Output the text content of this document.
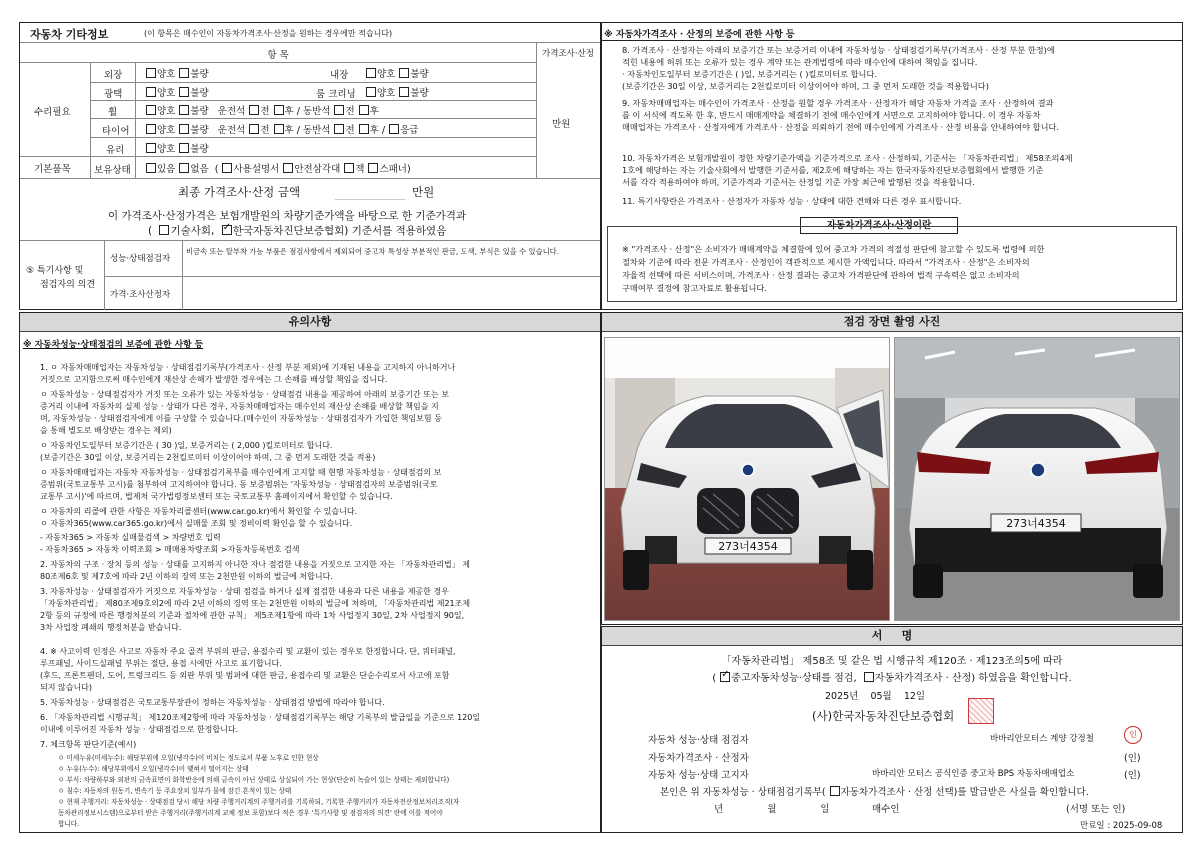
자동차 기타정보	(이 항목은 매수인이 자동차가격조사·산정을 원하는 경우에만 적습니다)
항 목	가격조사·산정
수리필요
기본품목
외장	양호 불량	내장	양호 불량
광택	양호 불량	룸 크리닝	양호 불량
휠	양호 불량 운전석 전 후 / 동반석 전 후
타이어	양호 불량 운전석 전 후 / 동반석 전 후 / 응급
유리	양호 불량
보유상태	있음 없음  ( 사용설명서 안전삼각대 잭 스패너)
만원
최종 가격조사·산정 금액	만원
이 가격조사·산정가격은 보험개발원의 차량기준가액을 바탕으로 한 기준가격과
( 기술사회, ✓ 한국자동차진단보증협회) 기준서를 적용하였음
⑤ 특기사항 및
점검자의 의견
성능·상태점검자
비금속 또는 탈부착 가능 부품은 점검사항에서 제외되어 중고차 특성상 부분적인 판금, 도색, 부식은 있을 수 있습니다.
가격·조사산정자
※ 자동차가격조사 · 산정의 보증에 관한 사항 등
8. 가격조사 · 산정자는 아래의 보증기간 또는 보증거리 이내에 자동차성능 · 상태점검기록부(가격조사 · 산정 부분 한정)에
적힌 내용에 허위 또는 오류가 있는 경우 계약 또는 관계법령에 따라 매수인에 대하여 책임을 집니다.
· 자동차인도일부터 보증기간은 ( )일, 보증거리는 ( )킬로미터로 합니다.
(보증기간은 30일 이상, 보증거리는 2천킬로미터 이상이어야 하며, 그 중 먼저 도래한 것을 적용합니다)
9. 자동차매매업자는 매수인이 가격조사 · 산정을 원할 경우 가격조사 · 산정자가 해당 자동차 가격을 조사 · 산정하여 결과
를 이 서식에 적도록 한 후, 반드시 매매계약을 체결하기 전에 매수인에게 서면으로 고지하여야 합니다. 이 경우 자동차
매매업자는 가격조사 · 산정자에게 가격조사 · 산정을 의뢰하기 전에 매수인에게 가격조사 · 산정 비용을 안내하여야 합니다.
10. 자동차가격은 보험개발원이 정한 차량기준가액을 기준가격으로 조사 · 산정하되, 기준서는 「자동차관리법」 제58조의4제
1호에 해당하는 자는 기술사회에서 발행한 기준서를, 제2호에 해당하는 자는 한국자동차진단보증협회에서 발행한 기준
서를 각각 적용하여야 하며, 기준가격과 기준서는 산정일 기준 가장 최근에 발행된 것을 적용합니다.
11. 특기사항란은 가격조사 · 산정자가 자동차 성능 · 상태에 대한 견해와 다른 경우 표시합니다.
자동차가격조사·산정이란
※ "가격조사 · 산정"은 소비자가 매매계약을 체결함에 있어 중고차 가격의 적절성 판단에 참고할 수 있도록 법령에 의한
절차와 기준에 따라 전문 가격조사 · 산정인이 객관적으로 제시한 가액입니다. 따라서 "가격조사 · 산정"은 소비자의
자율적 선택에 따른 서비스이며, 가격조사 · 산정 결과는 중고차 가격판단에 관하여 법적 구속력은 없고 소비자의
구매여부 결정에 참고자료로 활용됩니다.
유의사항
※ 자동차성능·상태점검의 보증에 관한 사항 등
1. ㅇ 자동차매매업자는 자동차성능 · 상태점검기록부(가격조사 · 산정 부분 제외)에 기재된 내용을 고지하지 아니하거나
거짓으로 고지함으로써 매수인에게 재산상 손해가 발생한 경우에는 그 손해를 배상할 책임을 집니다.
ㅇ 자동차성능 · 상태점검자가 거짓 또는 오류가 있는 자동차성능 · 상태점검 내용을 제공하여 아래의 보증기간 또는 보
증거리 이내에 자동차의 실제 성능 · 상태가 다른 경우, 자동차매매업자는 매수인의 재산상 손해를 배상할 책임을 지
며, 자동차성능 · 상태점검자에게 이를 구상할 수 있습니다.(매수인이 자동차성능 · 상태점검자가 가입한 책임보험 등
을 통해 별도로 배상받는 경우는 제외)
ㅇ 자동차인도일부터 보증기간은 ( 30 )일, 보증거리는 ( 2,000 )킬로미터로 합니다.
(보증기간은 30일 이상, 보증거리는 2천킬로미터 이상이어야 하며, 그 중 먼저 도래한 것을 적용)
ㅇ 자동차매매업자는 자동차 자동차성능 · 상태점검기록부를 매수인에게 고지할 때 현행 자동차성능 · 상태점검의 보
증범위(국토교통부 고시)를 첨부하여 고지하여야 합니다. 동 보증범위는 '자동차성능 · 상태점검자의 보증범위(국토
교통부 고시)'에 따르며, 법제처 국가법령정보센터 또는 국토교통부 홈페이지에서 확인할 수 있습니다.
ㅇ 자동차의 리콜에 관한 사항은 자동차리콜센터(www.car.go.kr)에서 확인할 수 있습니다.
ㅇ 자동차365(www.car365.go.kr)에서 실매물 조회 및 정비이력 확인을 할 수 있습니다.
- 자동차365 > 자동차 실매물검색 > 차량번호 입력
- 자동차365 > 자동차 이력조회 > 매매용차량조회 >자동차등록번호 검색
2. 자동차의 구조 · 장치 등의 성능 · 상태를 고지하지 아니한 자나 점검한 내용을 거짓으로 고지한 자는 「자동차관리법」 제
80조제6호 및 제7호에 따라 2년 이하의 징역 또는 2천만원 이하의 벌금에 처합니다.
3. 자동차성능 · 상태점검자가 거짓으로 자동차성능 · 상태 점검을 하거나 실제 점검한 내용과 다른 내용을 제공한 경우
「자동차관리법」 제80조제9호의2에 따라 2년 이하의 징역 또는 2천만원 이하의 벌금에 처하며, 「자동차관리법 제21조제
2항 등의 규정에 따른 행정처분의 기준과 절차에 관한 규칙」 제5조제1항에 따라 1차 사업정지 30일, 2차 사업정지 90일,
3차 사업장 폐쇄의 행정처분을 받습니다.
4. ※ 사고이력 인정은 사고로 자동차 주요 골격 부위의 판금, 용접수리 및 교환이 있는 경우로 한정합니다. 단, 쿼터패널,
루프패널, 사이드실패널 부위는 절단, 용접 시에만 사고로 표기합니다.
(후드, 프론트펜더, 도어, 트렁크리드 등 외판 부위 및 범퍼에 대한 판금, 용접수리 및 교환은 단순수리로서 사고에 포함
되지 않습니다)
5. 자동차성능 · 상태점검은 국토교통부장관이 정하는 자동차성능 · 상태점검 방법에 따라야 합니다.
6. 「자동차관리법 시행규칙」 제120조제2항에 따라 자동차성능 · 상태점검기록부는 해당 기록부의 발급일을 기준으로 120일
이내에 이루어진 자동차 성능 · 상태점검으로 한정합니다.
7. 체크항목 판단기준(예시)
ㅇ 미세누유(미세누수): 해당부위에 오일(냉각수)이 비치는 정도로서 부품 노후로 인한 현상
ㅇ 누유(누수): 해당부위에서 오일(냉각수)이 맺혀서 떨어지는 상태
ㅇ 부식: 차량하부와 외판의 금속표면이 화학반응에 의해 금속이 아닌 상태로 상실되어 가는 현상(단순히 녹슬어 있는 상태는 제외합니다)
ㅇ 침수: 자동차의 원동기, 변속기 등 주요장치 일부가 물에 잠긴 흔적이 있는 상태
ㅇ 현재 주행거리: 자동차성능 · 상태점검 당시 해당 차량 주행거리계의 주행거리를 기록하되, 기록한 주행거리가 자동차전산정보처리조직(자
동차관리정보시스템)으로부터 받은 주행거리(주행거리계 교체 정보 포함)보다 적은 경우 '특기사항 및 점검자의 의견' 란에 이를 적어야
합니다.
점검 장면 촬영 사진
273너4354
273너4354
서     명
「자동차관리법」 제58조 및 같은 법 시행규칙 제120조 · 제123조의5에 따라
( ✓ 중고자동차성능·상태를 점검, 자동차가격조사 · 산정) 하였음을 확인합니다.
2025년 05월 12일
(사)한국자동차진단보증협회
자동차 성능·상태 점검자	바바리안모터스 계양 강정철	인
자동차가격조사 · 산정자	(인)
자동차 성능·상태 고지자	바바리안 모터스 공식인증 중고차 BPS 자동차매매업소	(인)
본인은 위 자동차성능 · 상태점검기록부( 자동차가격조사 · 산정 선택)를 발급받은 사실을 확인합니다.
년	월	일	매수인	(서명 또는 인)
만료일 : 2025-09-08
